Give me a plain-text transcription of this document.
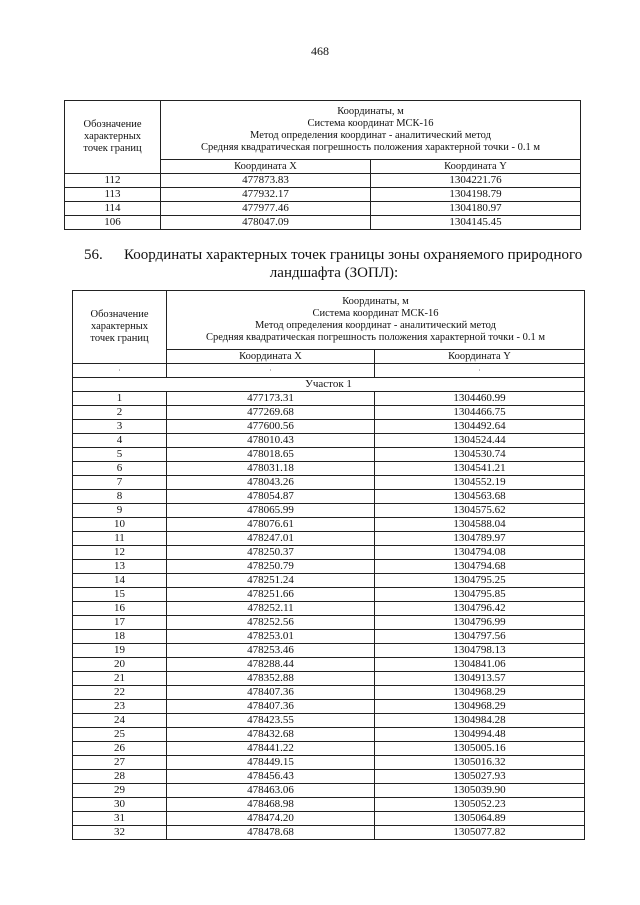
468
Обозначение
характерных
точек границ	Координаты, м
Система координат МСК-16
Метод определения координат - аналитический метод
Средняя квадратическая погрешность положения характерной точки - 0.1 м	
	Координата X	Координата Y
112	477873.83	1304221.76
113	477932.17	1304198.79
114	477977.46	1304180.97
106	478047.09	1304145.45
56. Координаты характерных точек границы зоны охраняемого природного
ландшафта (ЗОПЛ):
Обозначение
характерных
точек границ	Координаты, м
Система координат МСК-16
Метод определения координат - аналитический метод
Средняя квадратическая погрешность положения характерной точки - 0.1 м	
	Координата X	Координата Y
·	·	·
Участок 1		
1	477173.31	1304460.99
2	477269.68	1304466.75
3	477600.56	1304492.64
4	478010.43	1304524.44
5	478018.65	1304530.74
6	478031.18	1304541.21
7	478043.26	1304552.19
8	478054.87	1304563.68
9	478065.99	1304575.62
10	478076.61	1304588.04
11	478247.01	1304789.97
12	478250.37	1304794.08
13	478250.79	1304794.68
14	478251.24	1304795.25
15	478251.66	1304795.85
16	478252.11	1304796.42
17	478252.56	1304796.99
18	478253.01	1304797.56
19	478253.46	1304798.13
20	478288.44	1304841.06
21	478352.88	1304913.57
22	478407.36	1304968.29
23	478407.36	1304968.29
24	478423.55	1304984.28
25	478432.68	1304994.48
26	478441.22	1305005.16
27	478449.15	1305016.32
28	478456.43	1305027.93
29	478463.06	1305039.90
30	478468.98	1305052.23
31	478474.20	1305064.89
32	478478.68	1305077.82
